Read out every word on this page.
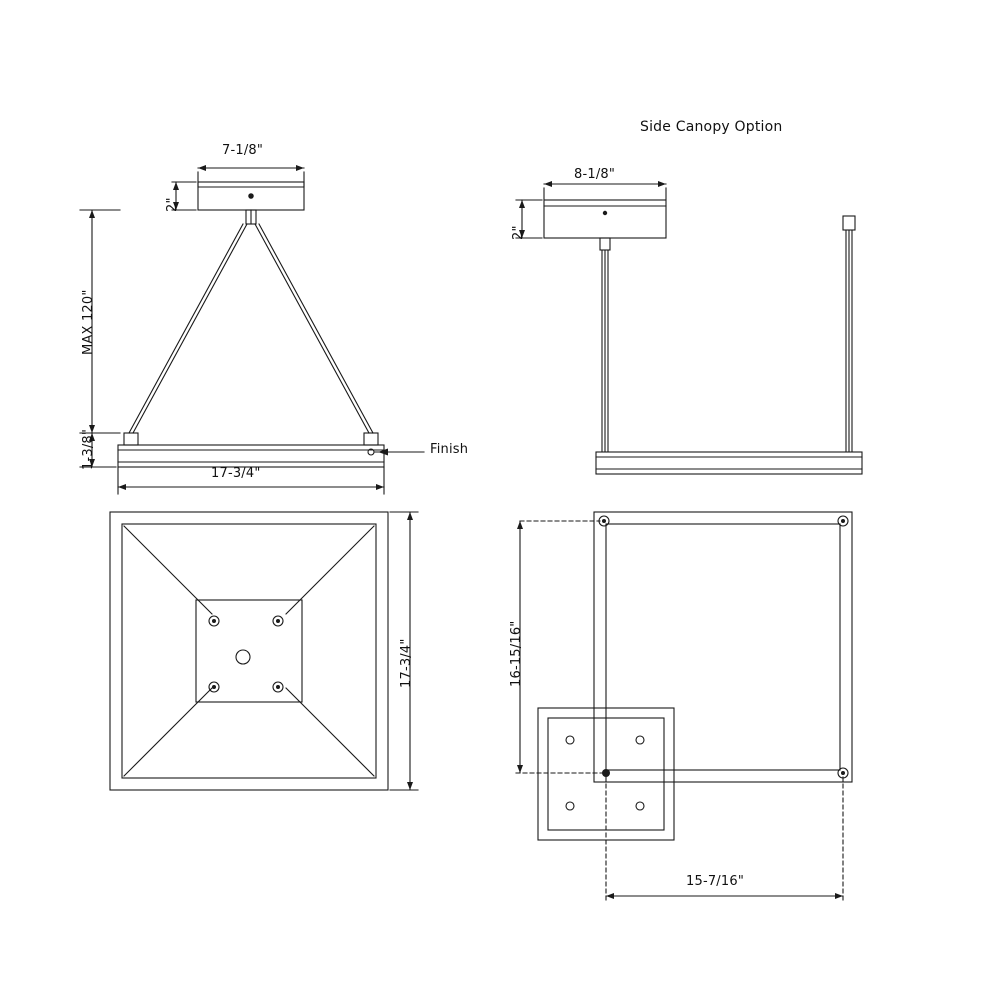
7-1/8"
2"
MAX 120"
1-3/8"
17-3/4"
Finish
17-3/4"
Side Canopy Option
8-1/8"
2"
16-15/16"
15-7/16"
